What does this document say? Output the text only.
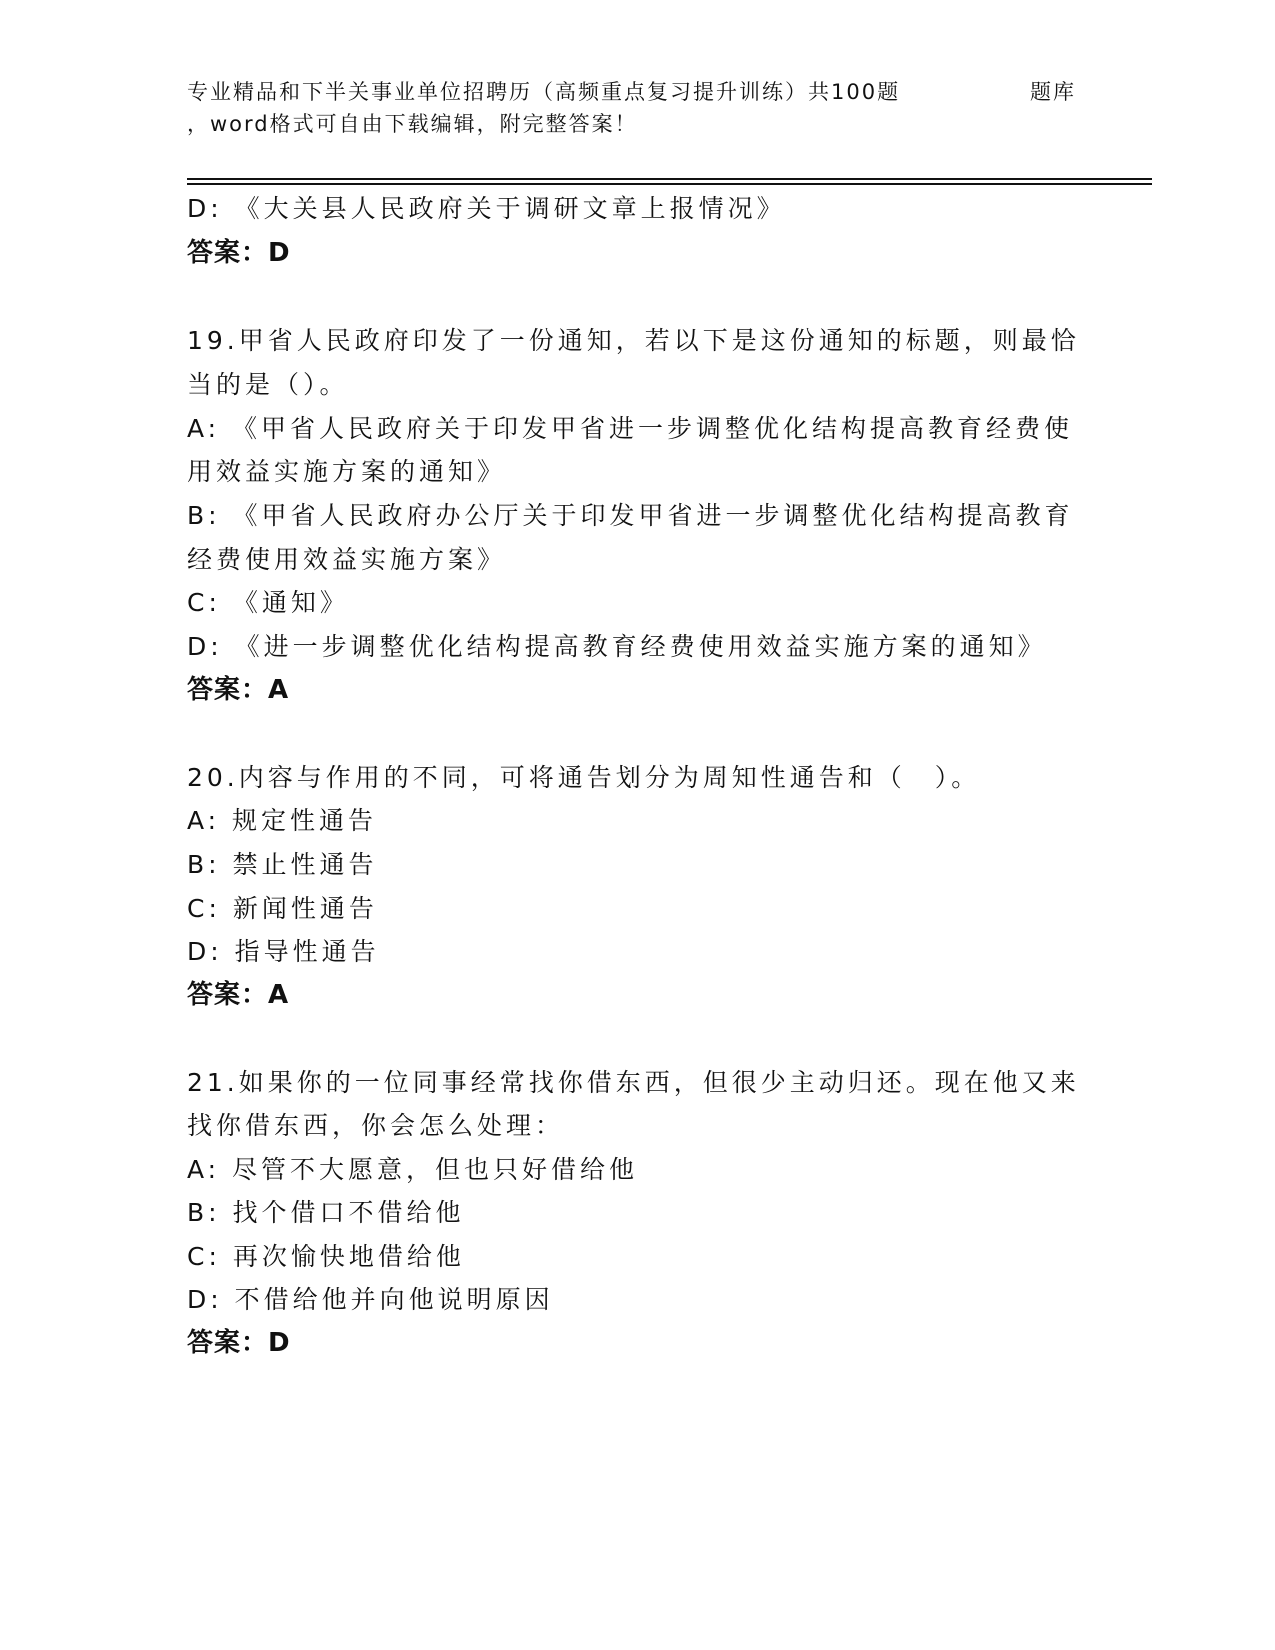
专业精品和下半关事业单位招聘历（高频重点复习提升训练）共100题
，word格式可自由下载编辑，附完整答案！
题库
D: 《大关县人民政府关于调研文章上报情况》
答案：D
19.甲省人民政府印发了一份通知，若以下是这份通知的标题，则最恰
当的是（）。
A: 《甲省人民政府关于印发甲省进一步调整优化结构提高教育经费使
用效益实施方案的通知》
B: 《甲省人民政府办公厅关于印发甲省进一步调整优化结构提高教育
经费使用效益实施方案》
C: 《通知》
D: 《进一步调整优化结构提高教育经费使用效益实施方案的通知》
答案：A
20.内容与作用的不同，可将通告划分为周知性通告和（　）。
A: 规定性通告
B: 禁止性通告
C: 新闻性通告
D: 指导性通告
答案：A
21.如果你的一位同事经常找你借东西，但很少主动归还。现在他又来
找你借东西，你会怎么处理：
A: 尽管不大愿意，但也只好借给他
B: 找个借口不借给他
C: 再次愉快地借给他
D: 不借给他并向他说明原因
答案：D
